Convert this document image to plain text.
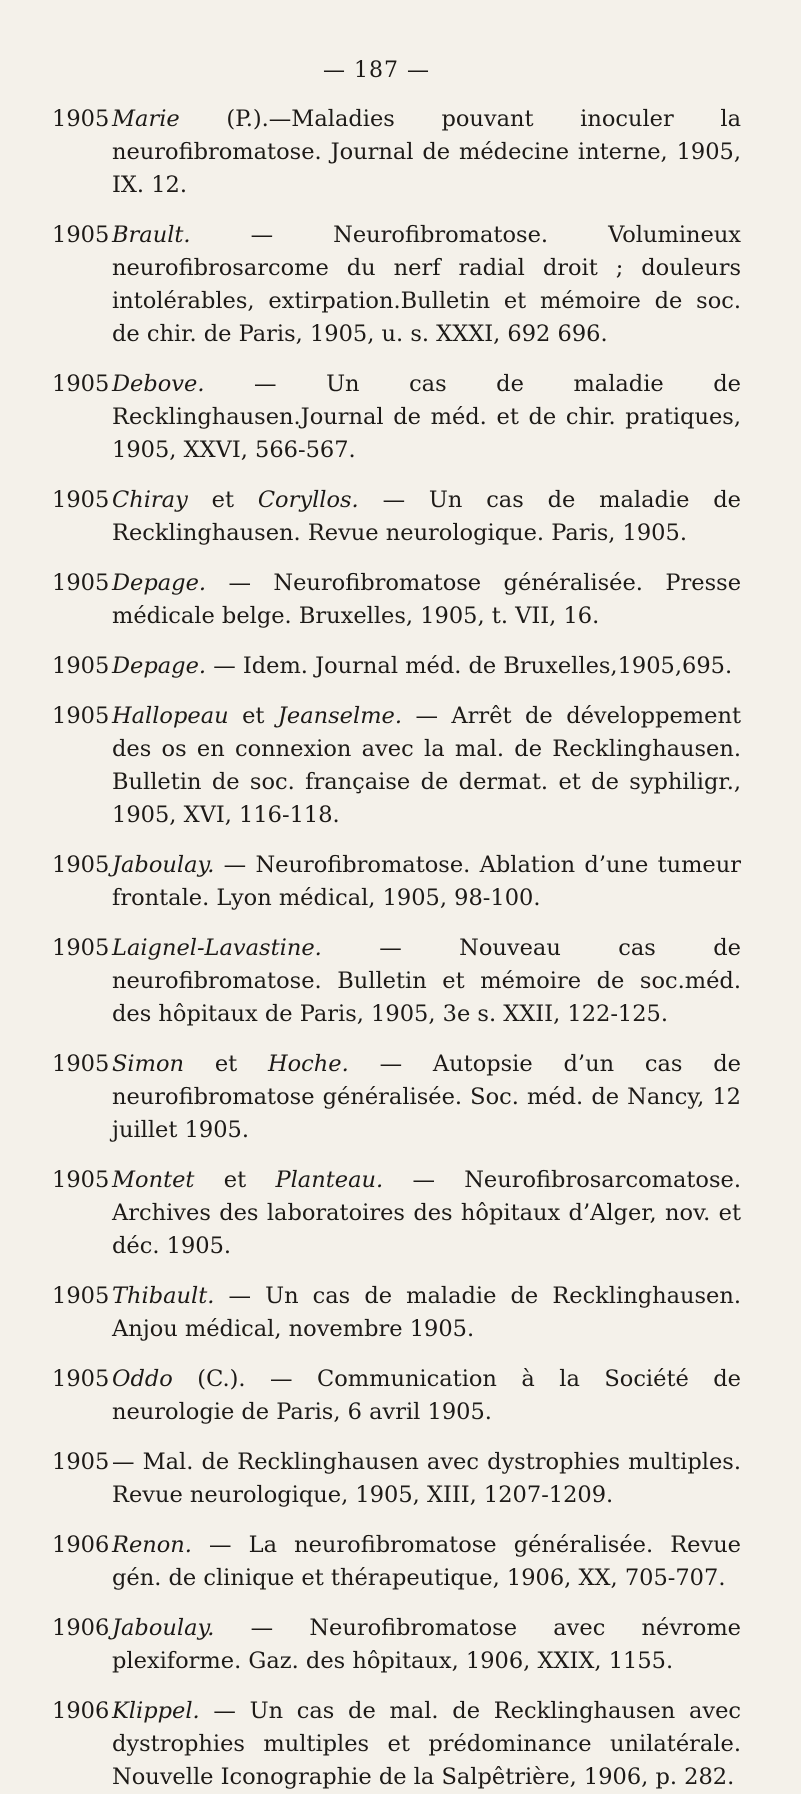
— 187 —
1905 Marie (P.).—Maladies pouvant inoculer la neurofibromatose. Journal de médecine interne, 1905, IX. 12.
1905 Brault.	— Neurofibromatose. Volumineux neurofibrosarcome du nerf radial droit ; douleurs intolérables, extirpation.Bulletin et mémoire de soc. de chir. de Paris, 1905, u. s. XXXI, 692 696.
1905 Debove. — Un cas de maladie de Recklinghausen.Journal de méd. et de chir. pratiques, 1905, XXVI, 566-567.
1905 Chiray et Coryllos. — Un cas de maladie de Recklinghausen. Revue neurologique. Paris, 1905.
1905 Depage. — Neurofibromatose généralisée. Presse médicale belge. Bruxelles, 1905, t. VII, 16.
1905 Depage. — Idem. Journal méd. de Bruxelles,1905,695.
1905 Hallopeau et Jeanselme. — Arrêt de développement des os en connexion avec la mal. de Recklinghausen. Bulletin de soc. française de dermat. et de syphiligr., 1905, XVI, 116-118.
1905 Jaboulay. — Neurofibromatose. Ablation d’une tumeur frontale. Lyon médical, 1905, 98-100.
1905 Laignel-Lavastine.	— Nouveau cas de neurofibromatose. Bulletin et mémoire de soc.méd. des hôpitaux de Paris, 1905, 3e s. XXII, 122-125.
1905 Simon et Hoche. — Autopsie d’un cas de neurofibromatose généralisée. Soc. méd. de Nancy, 12 juillet 1905.
1905 Montet et Planteau. — Neurofibrosarcomatose. Archives des laboratoires des hôpitaux d’Alger, nov. et déc. 1905.
1905 Thibault. — Un cas de maladie de Recklinghausen. Anjou médical, novembre 1905.
1905 Oddo (C.). — Communication à la Société de neurologie de Paris, 6 avril 1905.
1905 — Mal. de Recklinghausen avec dystrophies multiples. Revue neurologique, 1905, XIII, 1207-1209.
1906 Renon. — La neurofibromatose généralisée. Revue gén. de clinique et thérapeutique, 1906, XX, 705-707.
1906 Jaboulay. — Neurofibromatose avec névrome plexiforme. Gaz. des hôpitaux, 1906, XXIX, 1155.
1906 Klippel. — Un cas de mal. de Recklinghausen avec dystrophies multiples et prédominance unilatérale. Nouvelle Iconographie de la Salpêtrière, 1906, p. 282.
